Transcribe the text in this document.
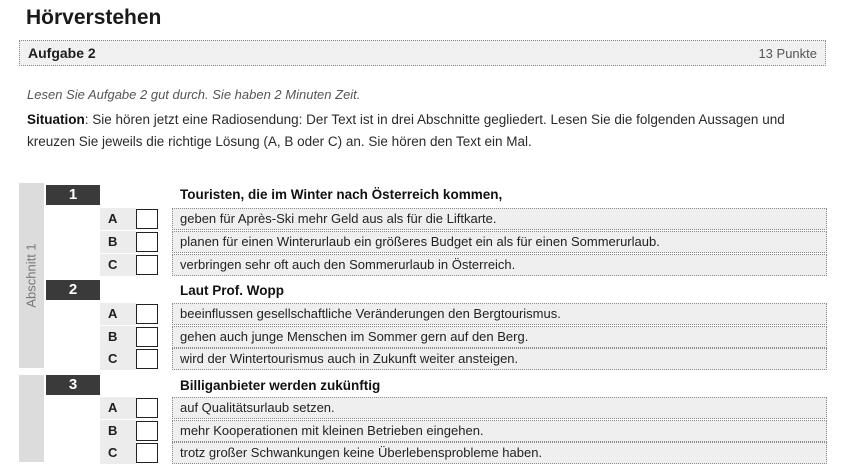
Hörverstehen
Aufgabe 2	13 Punkte
Lesen Sie Aufgabe 2 gut durch. Sie haben 2 Minuten Zeit.
Situation: Sie hören jetzt eine Radiosendung: Der Text ist in drei Abschnitte gegliedert. Lesen Sie die folgenden Aussagen und kreuzen Sie jeweils die richtige Lösung (A, B oder C) an. Sie hören den Text ein Mal.
Abschnitt 1
1	Touristen, die im Winter nach Österreich kommen,
A	geben für Après-Ski mehr Geld aus als für die Liftkarte.
B	planen für einen Winterurlaub ein größeres Budget ein als für einen Sommerurlaub.
C	verbringen sehr oft auch den Sommerurlaub in Österreich.
2	Laut Prof. Wopp
A	beeinflussen gesellschaftliche Veränderungen den Bergtourismus.
B	gehen auch junge Menschen im Sommer gern auf den Berg.
C	wird der Wintertourismus auch in Zukunft weiter ansteigen.
3	Billiganbieter werden zukünftig
A	auf Qualitätsurlaub setzen.
B	mehr Kooperationen mit kleinen Betrieben eingehen.
C	trotz großer Schwankungen keine Überlebensprobleme haben.
